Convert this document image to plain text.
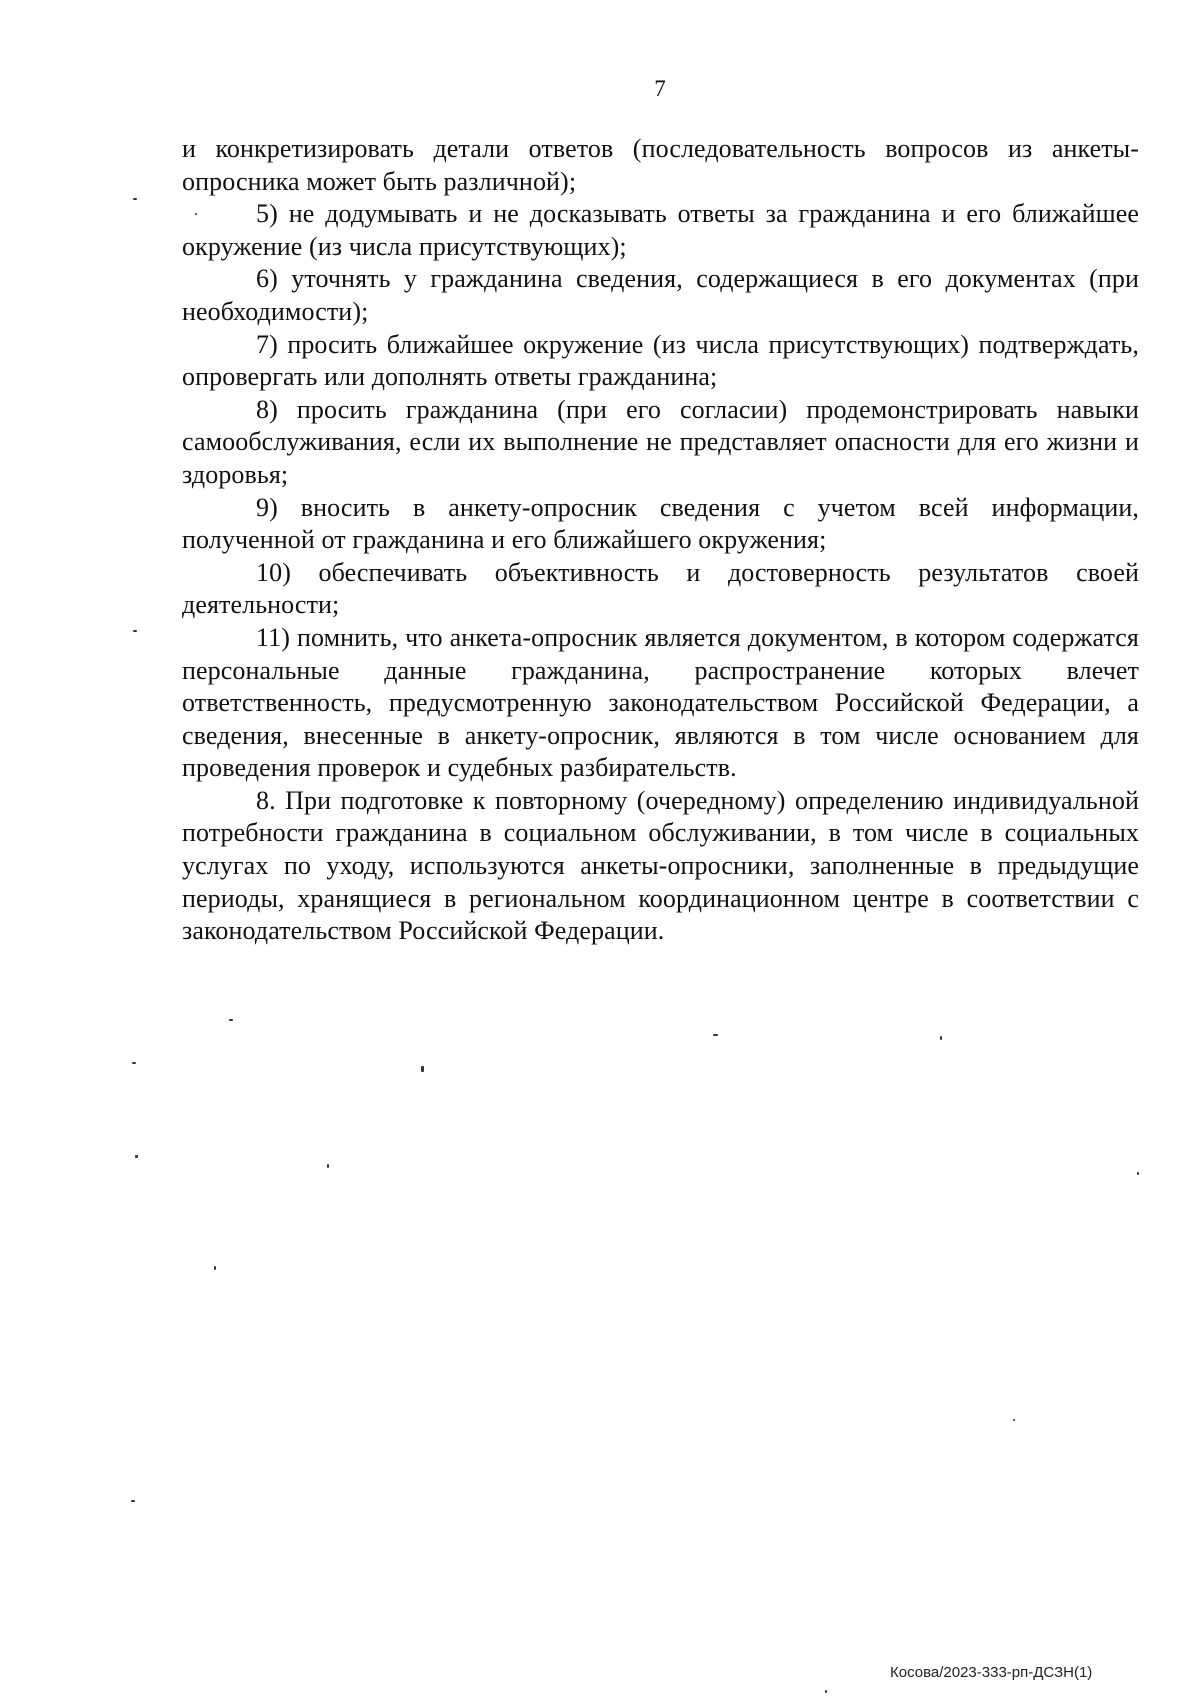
7

и конкретизировать детали ответов (последовательность вопросов из анкеты-опросника может быть различной);

5) не додумывать и не досказывать ответы за гражданина и его ближайшее окружение (из числа присутствующих);

6) уточнять у гражданина сведения, содержащиеся в его документах (при необходимости);

7) просить ближайшее окружение (из числа присутствующих) подтверждать, опровергать или дополнять ответы гражданина;

8) просить гражданина (при его согласии) продемонстрировать навыки самообслуживания, если их выполнение не представляет опасности для его жизни и здоровья;

9) вносить в анкету-опросник сведения с учетом всей информации, полученной от гражданина и его ближайшего окружения;

10) обеспечивать объективность и достоверность результатов своей деятельности;

11) помнить, что анкета-опросник является документом, в котором содержатся персональные данные гражданина, распространение которых влечет ответственность, предусмотренную законодательством Российской Федерации, а сведения, внесенные в анкету-опросник, являются в том числе основанием для проведения проверок и судебных разбирательств.

8. При подготовке к повторному (очередному) определению индивидуальной потребности гражданина в социальном обслуживании, в том числе в социальных услугах по уходу, используются анкеты-опросники, заполненные в предыдущие периоды, хранящиеся в региональном координационном центре в соответствии с законодательством Российской Федерации.

Косова/2023-333-рп-ДСЗН(1)
